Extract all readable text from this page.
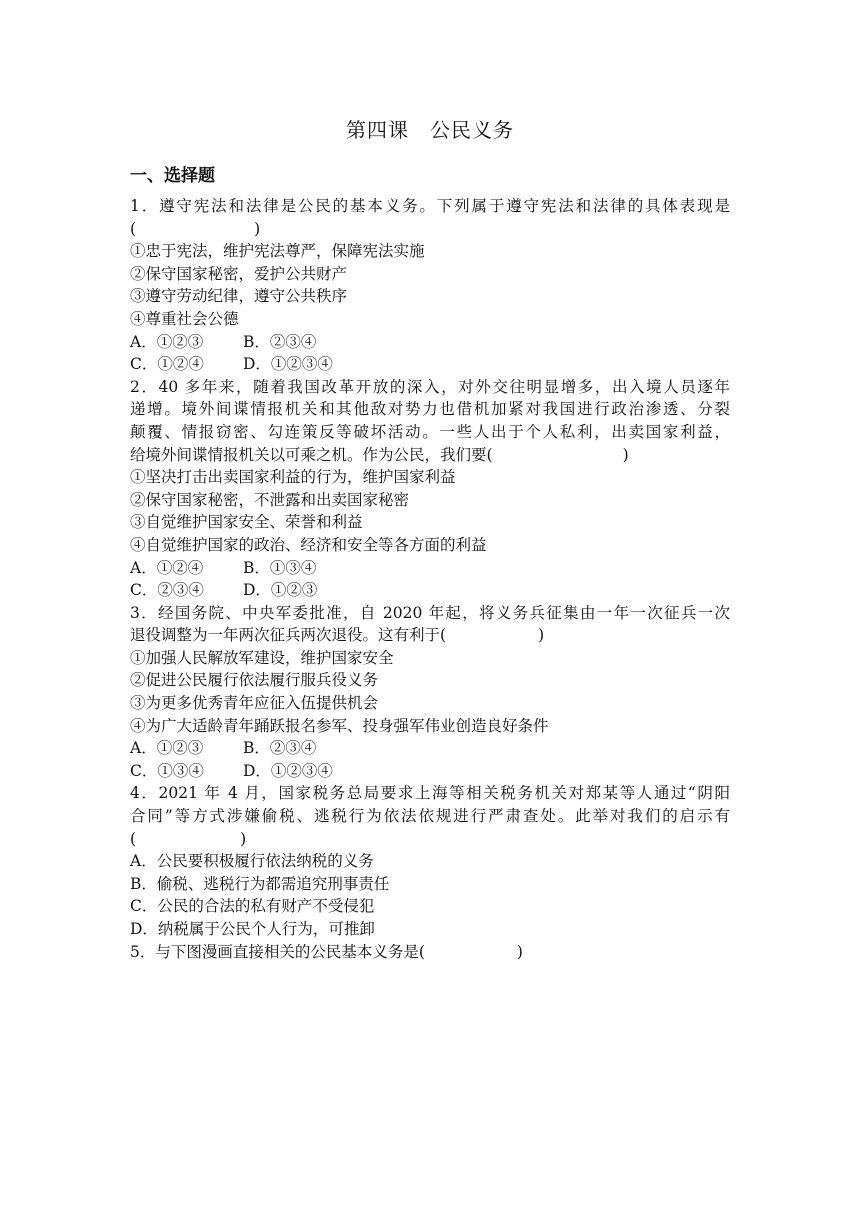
第四课　公民义务
一、选择题
1．遵守宪法和法律是公民的基本义务。下列属于遵守宪法和法律的具体表现是
(	)
①忠于宪法，维护宪法尊严，保障宪法实施
②保守国家秘密，爱护公共财产
③遵守劳动纪律，遵守公共秩序
④尊重社会公德
A．①②③	B．②③④
C．①②④	D．①②③④
2．40 多年来，随着我国改革开放的深入，对外交往明显增多，出入境人员逐年
递增。境外间谍情报机关和其他敌对势力也借机加紧对我国进行政治渗透、分裂
颠覆、情报窃密、勾连策反等破坏活动。一些人出于个人私利，出卖国家利益，
给境外间谍情报机关以可乘之机。作为公民，我们要(	)
①坚决打击出卖国家利益的行为，维护国家利益
②保守国家秘密，不泄露和出卖国家秘密
③自觉维护国家安全、荣誉和利益
④自觉维护国家的政治、经济和安全等各方面的利益
A．①②④	B．①③④
C．②③④	D．①②③
3．经国务院、中央军委批准，自 2020 年起，将义务兵征集由一年一次征兵一次
退役调整为一年两次征兵两次退役。这有利于(	)
①加强人民解放军建设，维护国家安全
②促进公民履行依法履行服兵役义务
③为更多优秀青年应征入伍提供机会
④为广大适龄青年踊跃报名参军、投身强军伟业创造良好条件
A．①②③	B．②③④
C．①③④	D．①②③④
4．2021 年 4 月，国家税务总局要求上海等相关税务机关对郑某等人通过“阴阳
合同”等方式涉嫌偷税、逃税行为依法依规进行严肃查处。此举对我们的启示有
(	)
A．公民要积极履行依法纳税的义务
B．偷税、逃税行为都需追究刑事责任
C．公民的合法的私有财产不受侵犯
D．纳税属于公民个人行为，可推卸
5．与下图漫画直接相关的公民基本义务是(	)
